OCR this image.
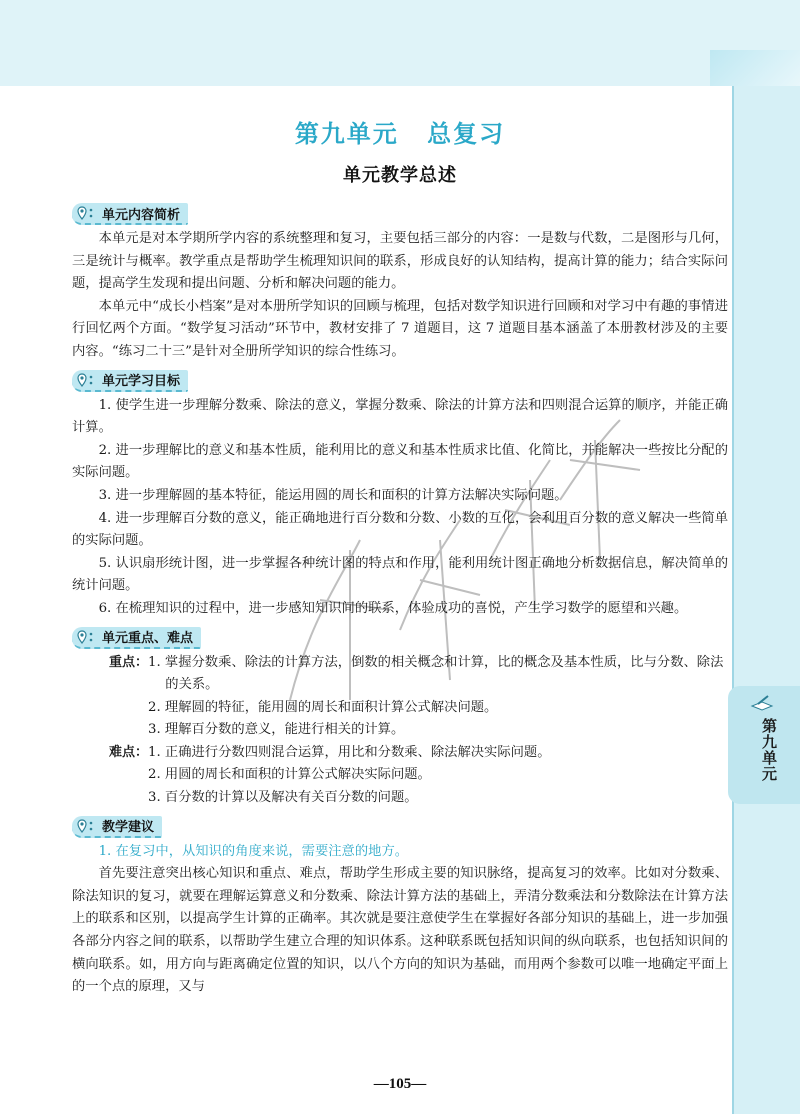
第九单元
第九单元 总复习
单元教学总述
单元内容简析

本单元是对本学期所学内容的系统整理和复习，主要包括三部分的内容：一是数与代数，二是图形与几何，三是统计与概率。教学重点是帮助学生梳理知识间的联系，形成良好的认知结构，提高计算的能力；结合实际问题，提高学生发现和提出问题、分析和解决问题的能力。

本单元中“成长小档案”是对本册所学知识的回顾与梳理，包括对数学知识进行回顾和对学习中有趣的事情进行回忆两个方面。“数学复习活动”环节中，教材安排了 7 道题目，这 7 道题目基本涵盖了本册教材涉及的主要内容。“练习二十三”是针对全册所学知识的综合性练习。

单元学习目标

1. 使学生进一步理解分数乘、除法的意义，掌握分数乘、除法的计算方法和四则混合运算的顺序，并能正确计算。

2. 进一步理解比的意义和基本性质，能利用比的意义和基本性质求比值、化简比，并能解决一些按比分配的实际问题。

3. 进一步理解圆的基本特征，能运用圆的周长和面积的计算方法解决实际问题。

4. 进一步理解百分数的意义，能正确地进行百分数和分数、小数的互化，会利用百分数的意义解决一些简单的实际问题。

5. 认识扇形统计图，进一步掌握各种统计图的特点和作用，能利用统计图正确地分析数据信息，解决简单的统计问题。

6. 在梳理知识的过程中，进一步感知知识间的联系，体验成功的喜悦，产生学习数学的愿望和兴趣。

单元重点、难点
重点： 1. 掌握分数乘、除法的计算方法，倒数的相关概念和计算，比的概念及基本性质，比与分数、除法的关系。
2. 理解圆的特征，能用圆的周长和面积计算公式解决问题。
3. 理解百分数的意义，能进行相关的计算。
难点： 1. 正确进行分数四则混合运算，用比和分数乘、除法解决实际问题。
2. 用圆的周长和面积的计算公式解决实际问题。
3. 百分数的计算以及解决有关百分数的问题。
教学建议
1. 在复习中，从知识的角度来说，需要注意的地方。

首先要注意突出核心知识和重点、难点，帮助学生形成主要的知识脉络，提高复习的效率。比如对分数乘、除法知识的复习，就要在理解运算意义和分数乘、除法计算方法的基础上，弄清分数乘法和分数除法在计算方法上的联系和区别，以提高学生计算的正确率。其次就是要注意使学生在掌握好各部分知识的基础上，进一步加强各部分内容之间的联系，以帮助学生建立合理的知识体系。这种联系既包括知识间的纵向联系，也包括知识间的横向联系。如，用方向与距离确定位置的知识，以八个方向的知识为基础，而用两个参数可以唯一地确定平面上的一个点的原理，又与

—105—
